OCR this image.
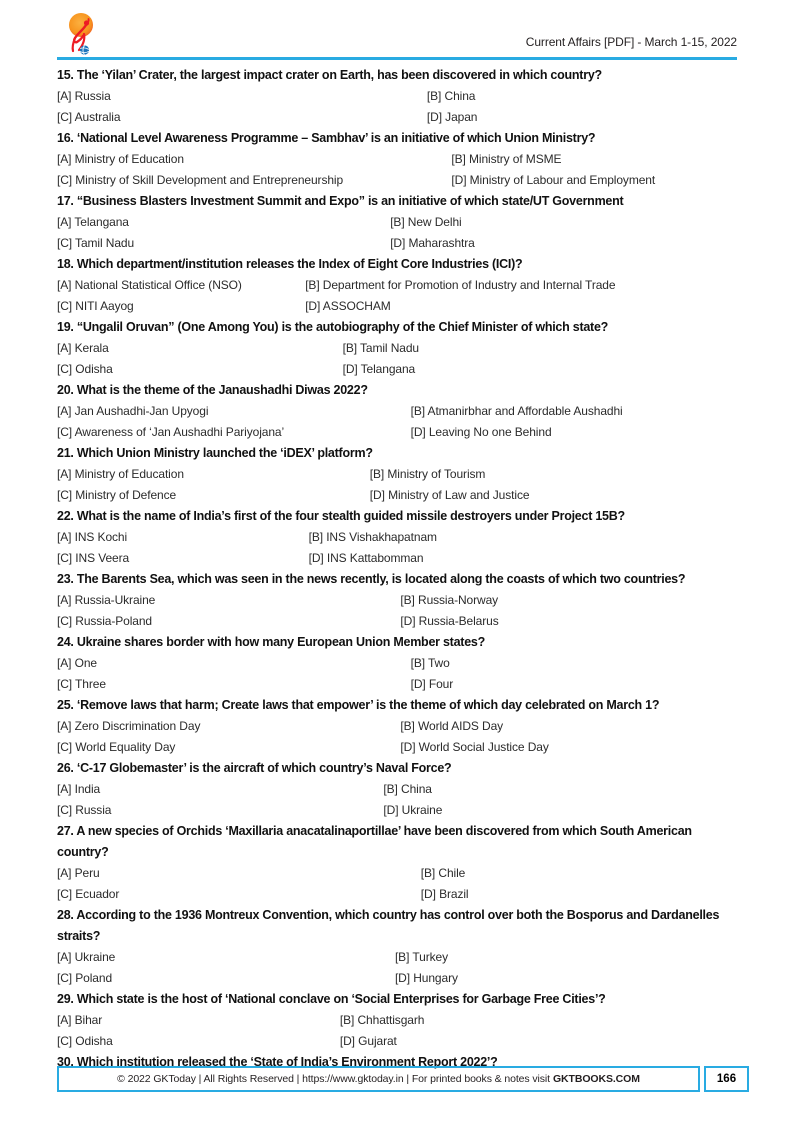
Current Affairs [PDF] - March 1-15, 2022
15. The ‘Yilan’ Crater, the largest impact crater on Earth, has been discovered in which country?
[A] Russia	[B] China
[C] Australia	[D] Japan
16. ‘National Level Awareness Programme – Sambhav’ is an initiative of which Union Ministry?
[A] Ministry of Education	[B] Ministry of MSME
[C] Ministry of Skill Development and Entrepreneurship	[D] Ministry of Labour and Employment
17. “Business Blasters Investment Summit and Expo” is an initiative of which state/UT Government
[A] Telangana	[B] New Delhi
[C] Tamil Nadu	[D] Maharashtra
18. Which department/institution releases the Index of Eight Core Industries (ICI)?
[A] National Statistical Office (NSO)	[B] Department for Promotion of Industry and Internal Trade
[C] NITI Aayog	[D] ASSOCHAM
19. “Ungalil Oruvan” (One Among You) is the autobiography of the Chief Minister of which state?
[A] Kerala	[B] Tamil Nadu
[C] Odisha	[D] Telangana
20. What is the theme of the Janaushadhi Diwas 2022?
[A] Jan Aushadhi-Jan Upyogi	[B] Atmanirbhar and Affordable Aushadhi
[C] Awareness of ‘Jan Aushadhi Pariyojana’	[D] Leaving No one Behind
21. Which Union Ministry launched the ‘iDEX’ platform?
[A] Ministry of Education	[B] Ministry of Tourism
[C] Ministry of Defence	[D] Ministry of Law and Justice
22. What is the name of India’s first of the four stealth guided missile destroyers under Project 15B?
[A] INS Kochi	[B] INS Vishakhapatnam
[C] INS Veera	[D] INS Kattabomman
23. The Barents Sea, which was seen in the news recently, is located along the coasts of which two countries?
[A] Russia-Ukraine	[B] Russia-Norway
[C] Russia-Poland	[D] Russia-Belarus
24. Ukraine shares border with how many European Union Member states?
[A] One	[B] Two
[C] Three	[D] Four
25. ‘Remove laws that harm; Create laws that empower’ is the theme of which day celebrated on March 1?
[A] Zero Discrimination Day	[B] World AIDS Day
[C] World Equality Day	[D] World Social Justice Day
26. ‘C-17 Globemaster’ is the aircraft of which country’s Naval Force?
[A] India	[B] China
[C] Russia	[D] Ukraine
27. A new species of Orchids ‘Maxillaria anacatalinaportillae’ have been discovered from which South American country?
[A] Peru	[B] Chile
[C] Ecuador	[D] Brazil
28. According to the 1936 Montreux Convention, which country has control over both the Bosporus and Dardanelles straits?
[A] Ukraine	[B] Turkey
[C] Poland	[D] Hungary
29. Which state is the host of ‘National conclave on ‘Social Enterprises for Garbage Free Cities’?
[A] Bihar	[B] Chhattisgarh
[C] Odisha	[D] Gujarat
30. Which institution released the ‘State of India’s Environment Report 2022’?
© 2022 GKToday | All Rights Reserved | https://www.gktoday.in | For printed books & notes visit GKTBOOKS.COM	166
